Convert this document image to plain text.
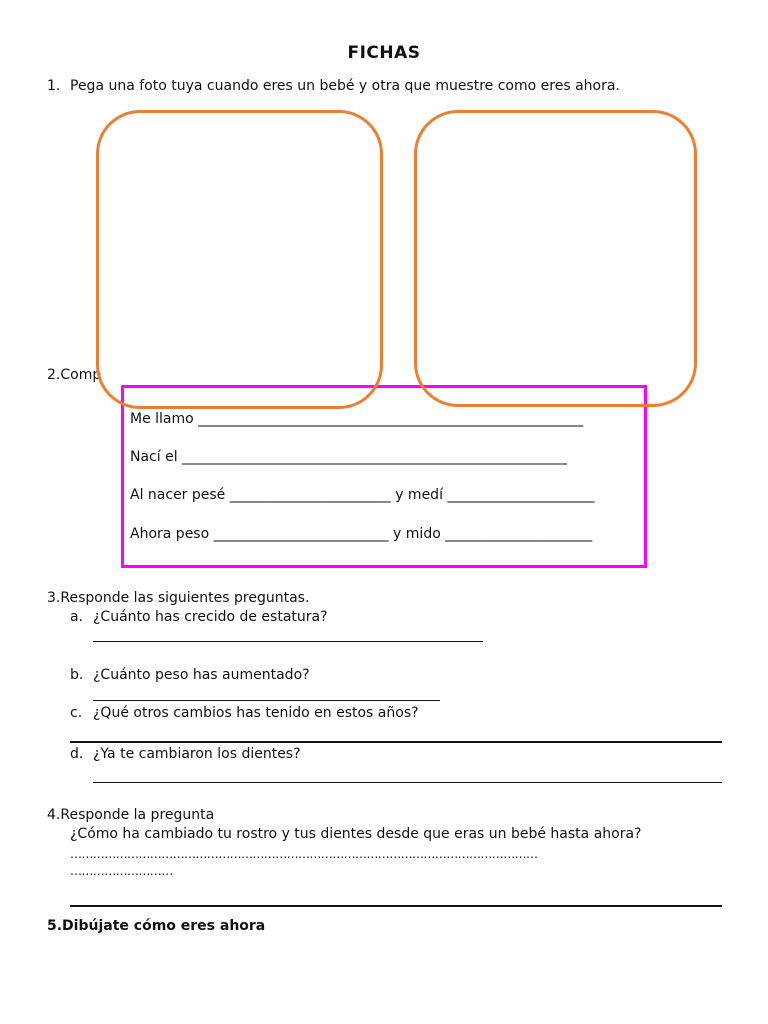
FICHAS
1. Pega una foto tuya cuando eres un bebé y otra que muestre como eres ahora.
2.Comp
Me llamo _______________________________________________________
Nací el _______________________________________________________
Al nacer pesé _______________________ y medí _____________________
Ahora peso _________________________ y mido _____________________
3.Responde las siguientes preguntas.
a. ¿Cuánto has crecido de estatura?
b. ¿Cuánto peso has aumentado?
c. ¿Qué otros cambios has tenido en estos años?
d. ¿Ya te cambiaron los dientes?
4.Responde la pregunta
¿Cómo ha cambiado tu rostro y tus dientes desde que eras un bebé hasta ahora?
……………………………………………………………………………………………………………
………………………
5.Dibújate cómo eres ahora
